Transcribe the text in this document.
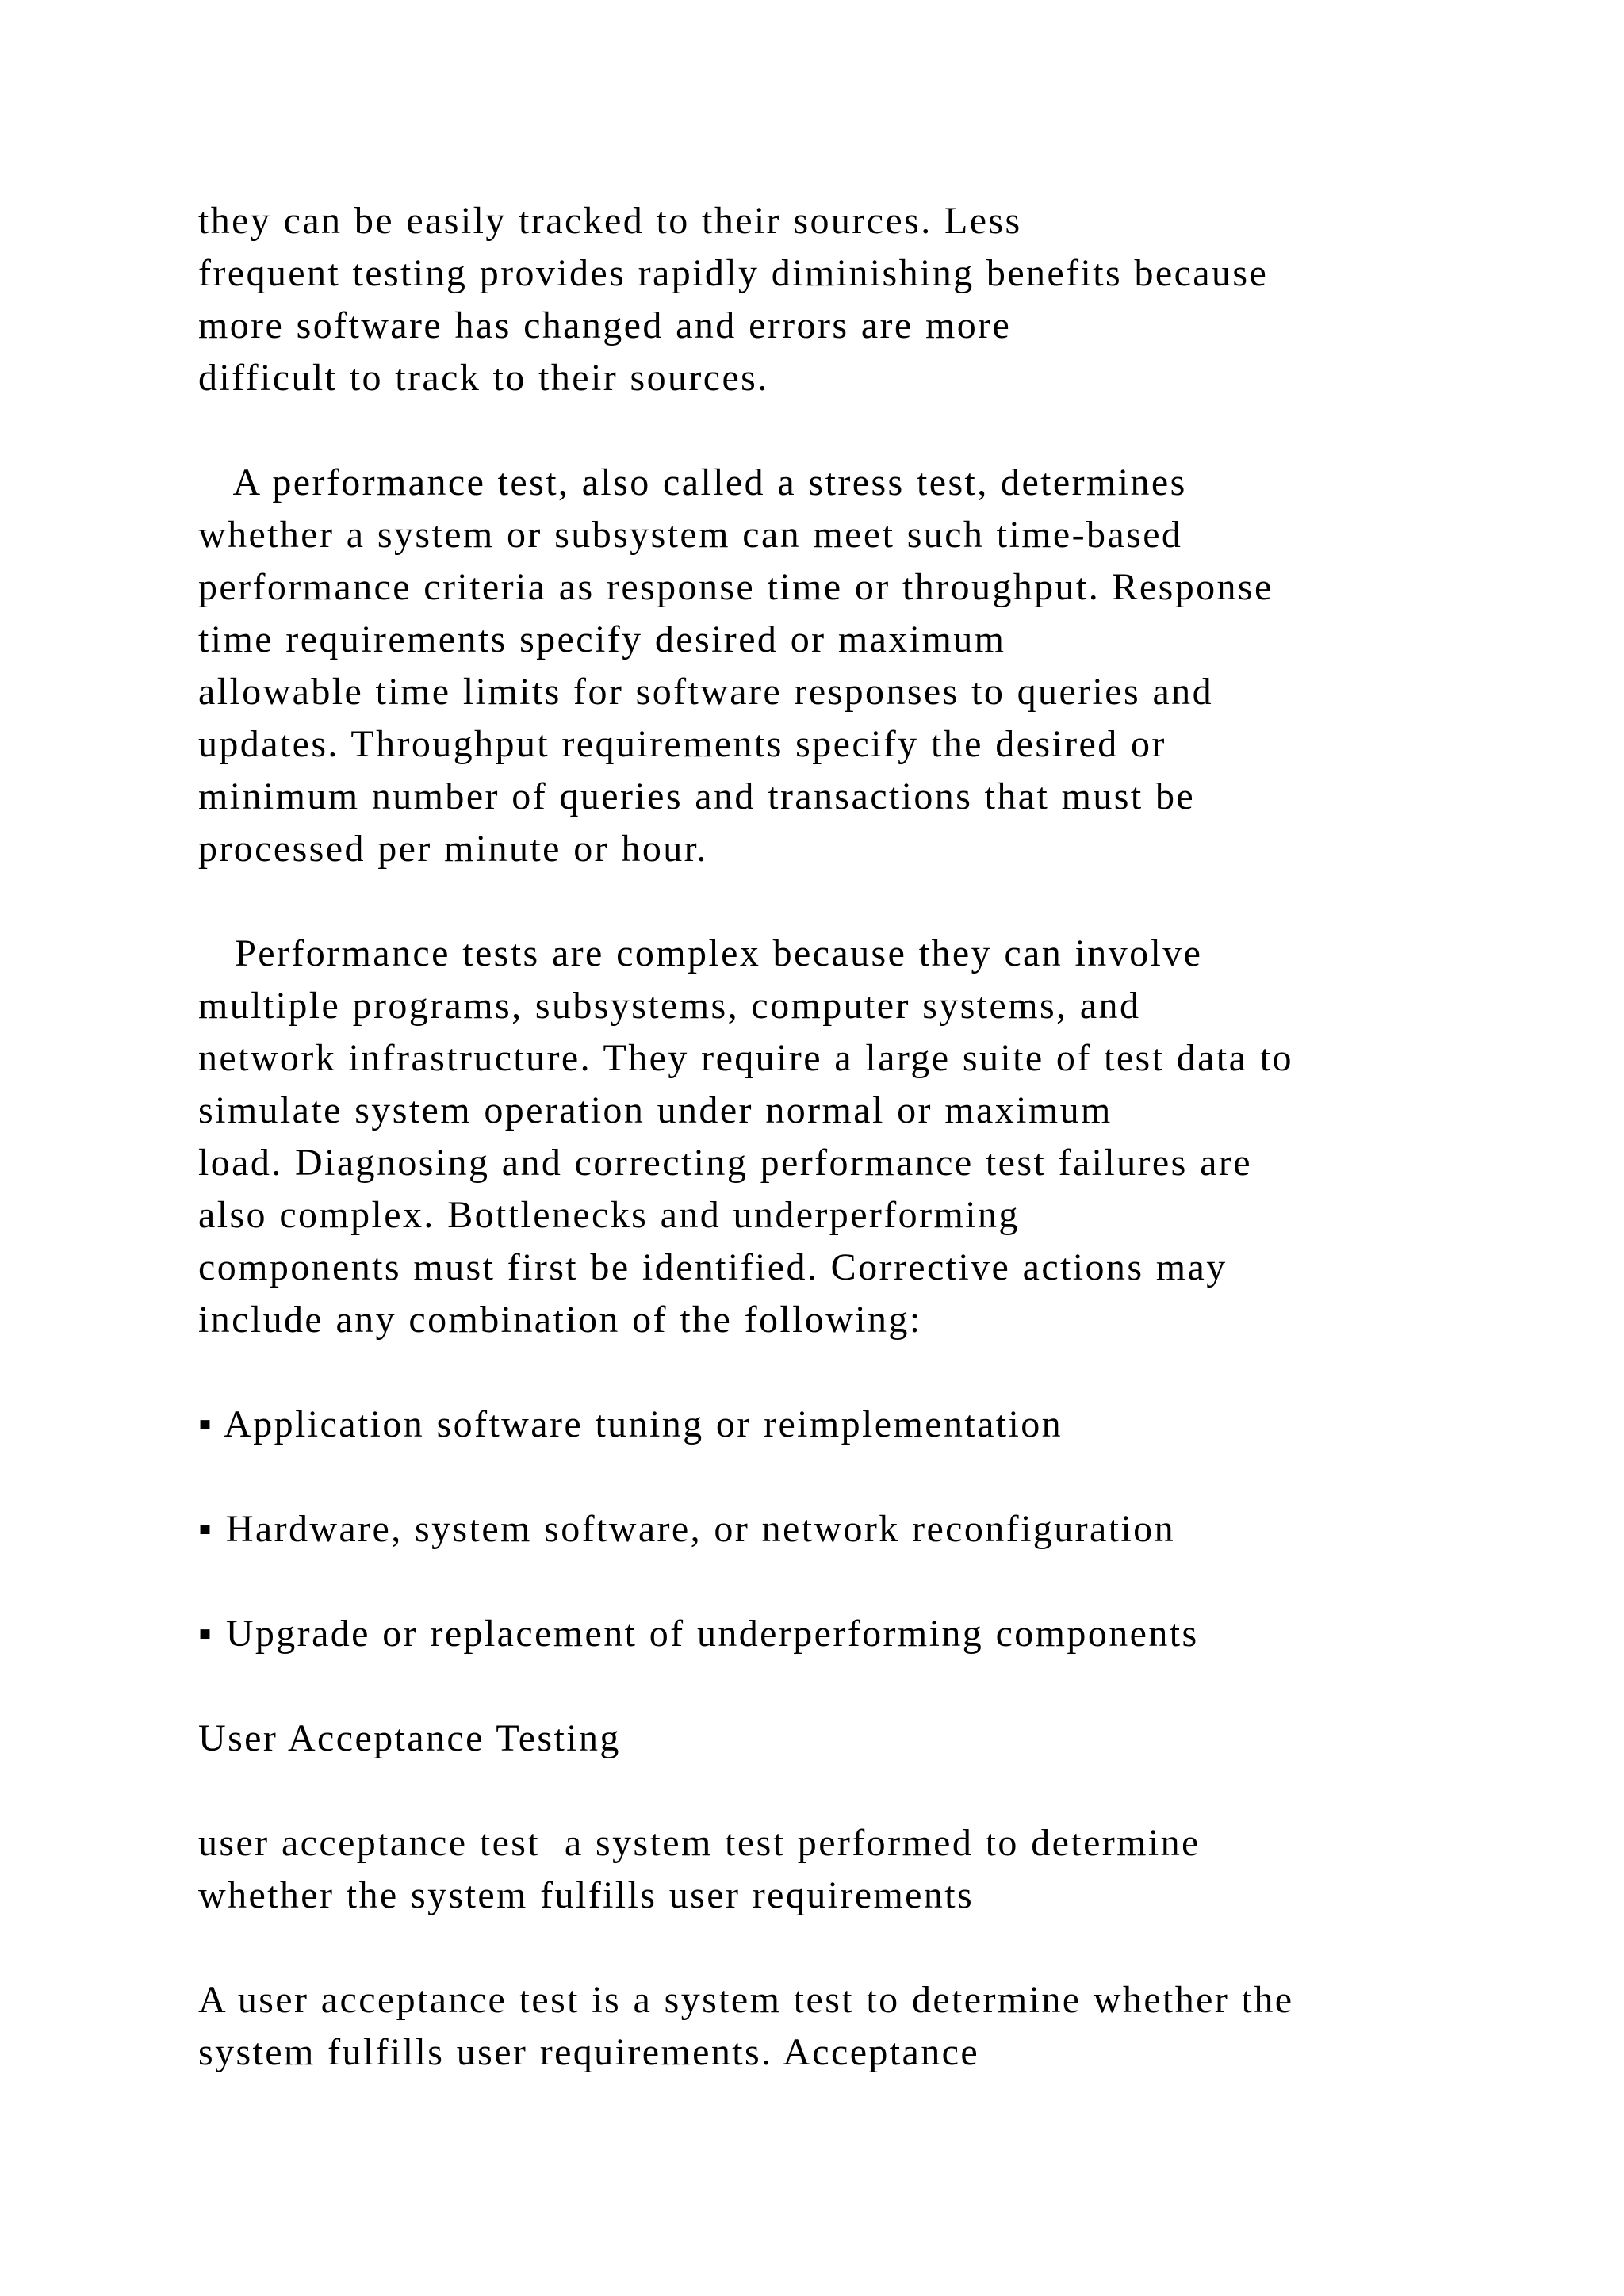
they can be easily tracked to their sources. Less
frequent testing provides rapidly diminishing benefits because
more software has changed and errors are more
difficult to track to their sources.
A performance test, also called a stress test, determines
whether a system or subsystem can meet such time-based
performance criteria as response time or throughput. Response
time requirements specify desired or maximum
allowable time limits for software responses to queries and
updates. Throughput requirements specify the desired or
minimum number of queries and transactions that must be
processed per minute or hour.
Performance tests are complex because they can involve
multiple programs, subsystems, computer systems, and
network infrastructure. They require a large suite of test data to
simulate system operation under normal or maximum
load. Diagnosing and correcting performance test failures are
also complex. Bottlenecks and underperforming
components must first be identified. Corrective actions may
include any combination of the following:
▪ Application software tuning or reimplementation
▪ Hardware, system software, or network reconfiguration
▪ Upgrade or replacement of underperforming components
User Acceptance Testing
user acceptance test  a system test performed to determine
whether the system fulfills user requirements
A user acceptance test is a system test to determine whether the
system fulfills user requirements. Acceptance
